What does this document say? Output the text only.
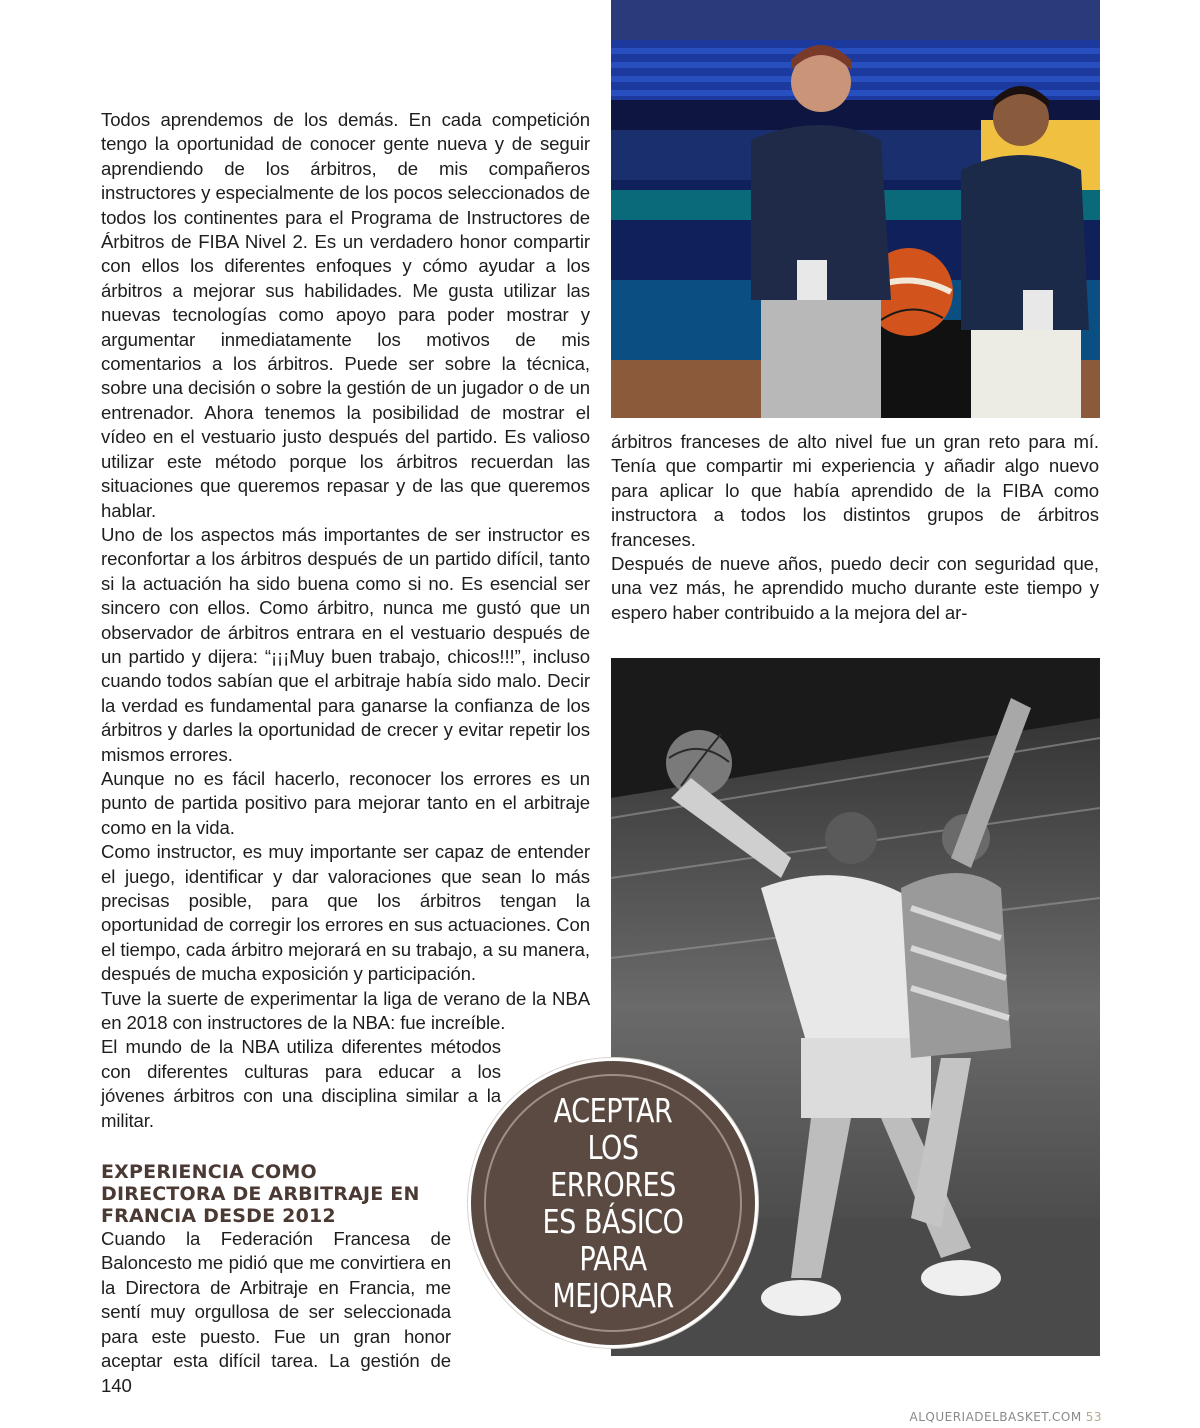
Todos aprendemos de los demás. En cada competición tengo la oportunidad de conocer gente nueva y de seguir aprendiendo de los árbitros, de mis compañeros instructores y especialmente de los pocos seleccionados de todos los continentes para el Programa de Instructores de Árbitros de FIBA Nivel 2. Es un verdadero honor compartir con ellos los diferentes enfoques y cómo ayudar a los árbitros a mejorar sus habilidades. Me gusta utilizar las nuevas tecnologías como apoyo para poder mostrar y argumentar inmediatamente los motivos de mis comentarios a los árbitros. Puede ser sobre la técnica, sobre una decisión o sobre la gestión de un jugador o de un entrenador. Ahora tenemos la posibilidad de mostrar el vídeo en el vestuario justo después del partido. Es valioso utilizar este método porque los árbitros recuerdan las situaciones que queremos repasar y de las que queremos hablar.

Uno de los aspectos más importantes de ser instructor es reconfortar a los árbitros después de un partido difícil, tanto si la actuación ha sido buena como si no. Es esencial ser sincero con ellos. Como árbitro, nunca me gustó que un observador de árbitros entrara en el vestuario después de un partido y dijera: “¡¡¡Muy buen trabajo, chicos!!!”, incluso cuando todos sabían que el arbitraje había sido malo. Decir la verdad es fundamental para ganarse la confianza de los árbitros y darles la oportunidad de crecer y evitar repetir los mismos errores.

Aunque no es fácil hacerlo, reconocer los errores es un punto de partida positivo para mejorar tanto en el arbitraje como en la vida.

Como instructor, es muy importante ser capaz de entender el juego, identificar y dar valoraciones que sean lo más precisas posible, para que los árbitros tengan la oportunidad de corregir los errores en sus actuaciones. Con el tiempo, cada árbitro mejorará en su trabajo, a su manera, después de mucha exposición y participación.

Tuve la suerte de experimentar la liga de verano de la NBA en 2018 con instructores de la NBA: fue increíble.

El mundo de la NBA utiliza diferentes métodos con diferentes culturas para educar a los jóvenes árbitros con una disciplina similar a la militar.

EXPERIENCIA COMO DIRECTORA DE ARBITRAJE EN FRANCIA DESDE 2012

Cuando la Federación Francesa de Baloncesto me pidió que me convirtiera en la Directora de Arbitraje en Francia, me sentí muy orgullosa de ser seleccionada para este puesto. Fue un gran honor aceptar esta difícil tarea. La gestión de 140

árbitros franceses de alto nivel fue un gran reto para mí. Tenía que compartir mi experiencia y añadir algo nuevo para aplicar lo que había aprendido de la FIBA como instructora a todos los distintos grupos de árbitros franceses.

Después de nueve años, puedo decir con seguridad que, una vez más, he aprendido mucho durante este tiempo y espero haber contribuido a la mejora del ar-

ACEPTAR
LOS ERRORES
ES BÁSICO PARA
MEJORAR
ALQUERIADELBASKET.COM 53
